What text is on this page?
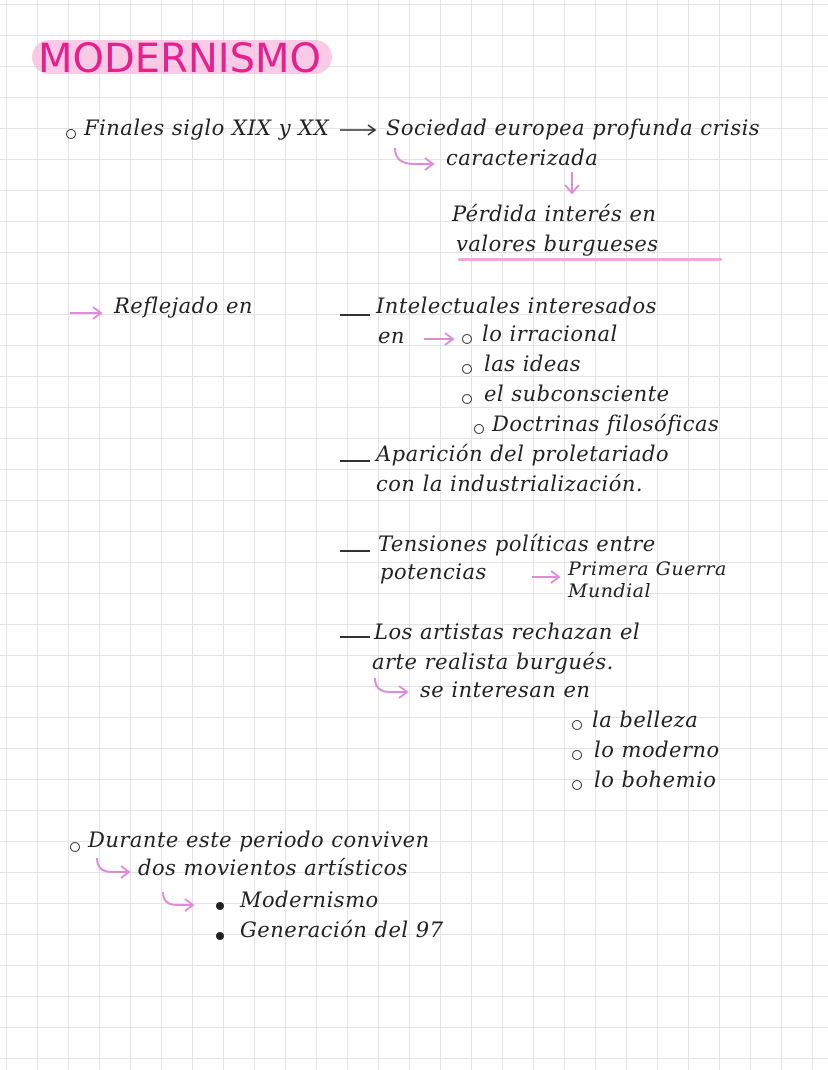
MODERNISMO
Finales siglo XIX y XX	Sociedad europea profunda crisis
caracterizada
Pérdida interés en
valores burgueses
Reflejado en	Intelectuales interesados
en	lo irracional
las ideas
el subconsciente
Doctrinas filosóficas
Aparición del proletariado
con la industrialización.
Tensiones políticas entre
potencias	Primera Guerra
Mundial
Los artistas rechazan el
arte realista burgués.
se interesan en
la belleza
lo moderno
lo bohemio
Durante este periodo conviven
dos movientos artísticos
Modernismo
Generación del 97
